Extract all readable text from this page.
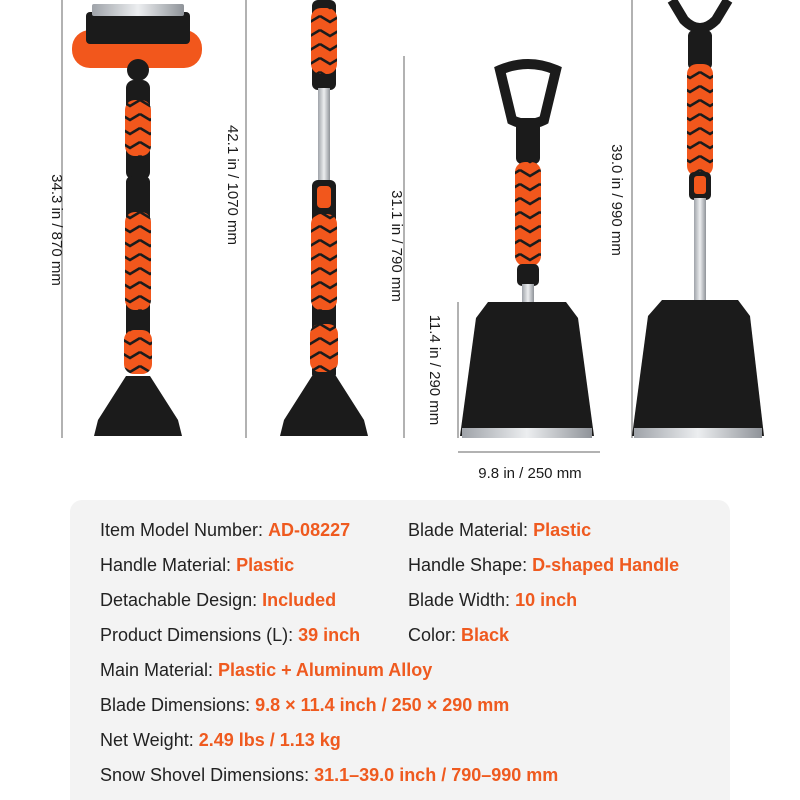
34.3 in / 870 mm	42.1 in / 1070 mm
31.1 in / 790 mm
11.4 in / 290 mm
9.8 in / 250 mm
39.0 in / 990 mm
Item Model Number: AD-08227	Blade Material: Plastic
Handle Material: Plastic	Handle Shape: D-shaped Handle
Detachable Design: Included	Blade Width: 10 inch
Product Dimensions (L): 39 inch	Color: Black
Main Material: Plastic + Aluminum Alloy
Blade Dimensions: 9.8 × 11.4 inch / 250 × 290 mm
Net Weight: 2.49 lbs / 1.13 kg
Snow Shovel Dimensions: 31.1–39.0 inch / 790–990 mm
